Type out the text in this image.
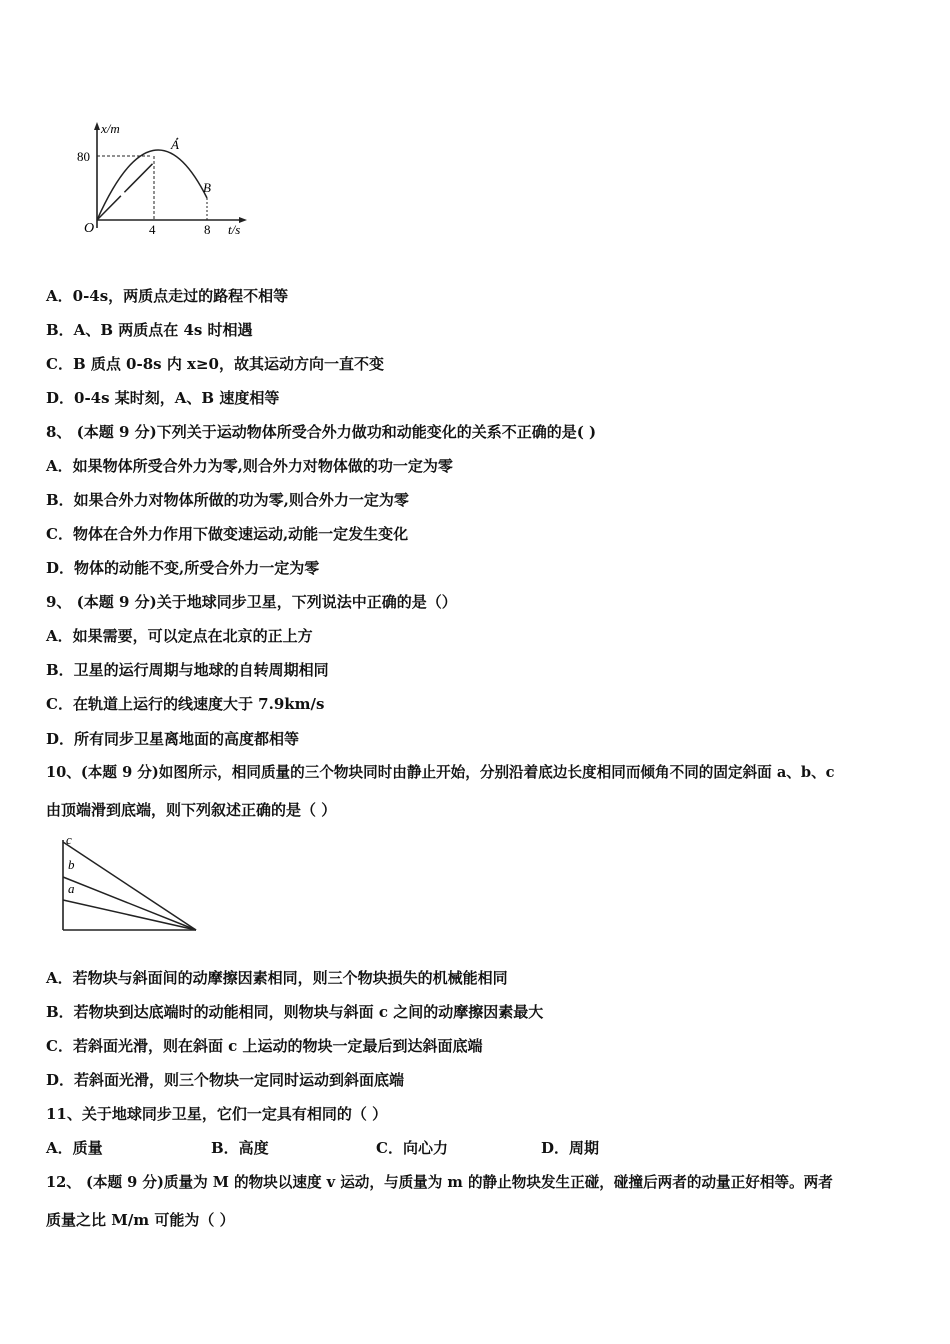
x/m
t/s
O
80
4	8
A
B
A．0-4s，两质点走过的路程不相等
B．A、B 两质点在 4s 时相遇
C．B 质点 0-8s 内 x≥0，故其运动方向一直不变
D．0-4s 某时刻，A、B 速度相等
8、 (本题 9 分)下列关于运动物体所受合外力做功和动能变化的关系不正确的是( )
A．如果物体所受合外力为零,则合外力对物体做的功一定为零
B．如果合外力对物体所做的功为零,则合外力一定为零
C．物体在合外力作用下做变速运动,动能一定发生变化
D．物体的动能不变,所受合外力一定为零
9、 (本题 9 分)关于地球同步卫星，下列说法中正确的是（）
A．如果需要，可以定点在北京的正上方
B．卫星的运行周期与地球的自转周期相同
C．在轨道上运行的线速度大于 7.9km/s
D．所有同步卫星离地面的高度都相等
10、(本题 9 分)如图所示，相同质量的三个物块同时由静止开始，分别沿着底边长度相同而倾角不同的固定斜面 a、b、c
由顶端滑到底端，则下列叙述正确的是（ ）
c
b
a
A．若物块与斜面间的动摩擦因素相同，则三个物块损失的机械能相同
B．若物块到达底端时的动能相同，则物块与斜面 c 之间的动摩擦因素最大
C．若斜面光滑，则在斜面 c 上运动的物块一定最后到达斜面底端
D．若斜面光滑，则三个物块一定同时运动到斜面底端
11、关于地球同步卫星，它们一定具有相同的（ ）
A．质量	B．高度	C．向心力	D．周期
12、 (本题 9 分)质量为 M 的物块以速度 v 运动，与质量为 m 的静止物块发生正碰，碰撞后两者的动量正好相等。两者
质量之比 M/m 可能为（ ）
